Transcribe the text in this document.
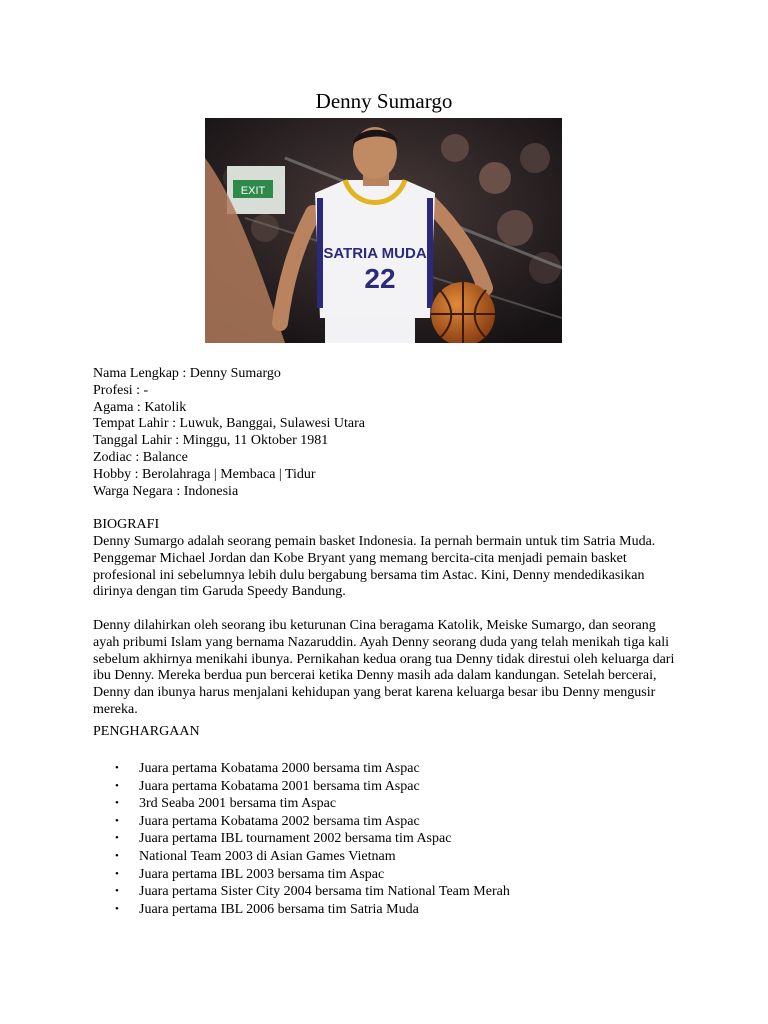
Denny Sumargo
EXIT
SATRIA MUDA
22
Nama Lengkap : Denny Sumargo
Profesi : -
Agama : Katolik
Tempat Lahir : Luwuk, Banggai, Sulawesi Utara
Tanggal Lahir : Minggu, 11 Oktober 1981
Zodiac : Balance
Hobby : Berolahraga | Membaca | Tidur
Warga Negara : Indonesia
BIOGRAFI
Denny Sumargo adalah seorang pemain basket Indonesia. Ia pernah bermain untuk tim Satria Muda. Penggemar Michael Jordan dan Kobe Bryant yang memang bercita-cita menjadi pemain basket profesional ini sebelumnya lebih dulu bergabung bersama tim Astac. Kini, Denny mendedikasikan dirinya dengan tim Garuda Speedy Bandung.
Denny dilahirkan oleh seorang ibu keturunan Cina beragama Katolik, Meiske Sumargo, dan seorang ayah pribumi Islam yang bernama Nazaruddin. Ayah Denny seorang duda yang telah menikah tiga kali sebelum akhirnya menikahi ibunya. Pernikahan kedua orang tua Denny tidak direstui oleh keluarga dari ibu Denny. Mereka berdua pun bercerai ketika Denny masih ada dalam kandungan. Setelah bercerai, Denny dan ibunya harus menjalani kehidupan yang berat karena keluarga besar ibu Denny mengusir mereka.
PENGHARGAAN
• Juara pertama Kobatama 2000 bersama tim Aspac
• Juara pertama Kobatama 2001 bersama tim Aspac
• 3rd Seaba 2001 bersama tim Aspac
• Juara pertama Kobatama 2002 bersama tim Aspac
• Juara pertama IBL tournament 2002 bersama tim Aspac
• National Team 2003 di Asian Games Vietnam
• Juara pertama IBL 2003 bersama tim Aspac
• Juara pertama Sister City 2004 bersama tim National Team Merah
• Juara pertama IBL 2006 bersama tim Satria Muda
